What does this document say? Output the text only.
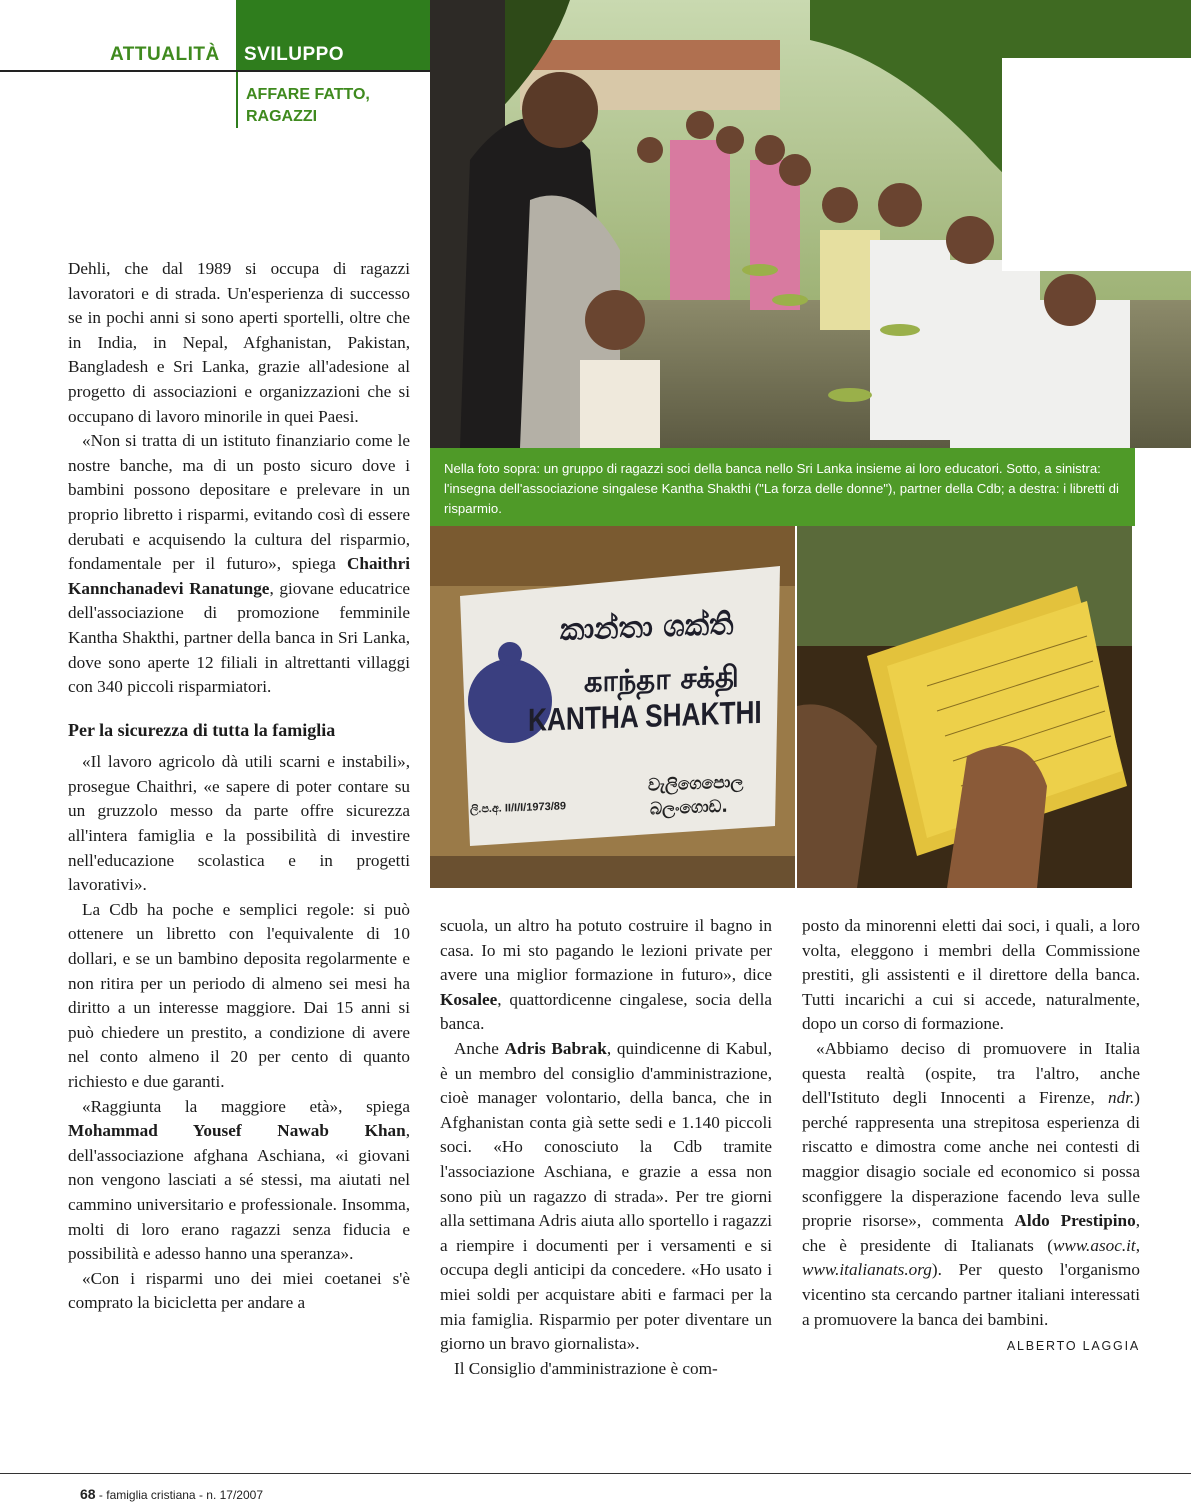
ATTUALITÀ SVILUPPO
AFFARE FATTO,
RAGAZZI
Nella foto sopra: un gruppo di ragazzi soci della banca nello Sri Lanka insieme ai loro educatori. Sotto, a sinistra: l'insegna dell'associazione singalese Kantha Shakthi ("La forza delle donne"), partner della Cdb; a destra: i libretti di risparmio.
කාන්තා ශක්ති
காந்தா சக்தி
KANTHA SHAKTHI
වැලිගෙපොල
බලංගොඩ.
ලි.ප.අ. II/I/I/1973/89

Dehli, che dal 1989 si occupa di ragazzi lavoratori e di strada. Un'esperienza di successo se in pochi anni si sono aperti sportelli, oltre che in India, in Nepal, Afghanistan, Pakistan, Bangladesh e Sri Lanka, grazie all'adesione al progetto di associazioni e organizzazioni che si occupano di lavoro minorile in quei Paesi.

«Non si tratta di un istituto finanziario come le nostre banche, ma di un posto sicuro dove i bambini possono depositare e prelevare in un proprio libretto i risparmi, evitando così di essere derubati e acquisendo la cultura del risparmio, fondamentale per il futuro», spiega Chaithri Kannchanadevi Ranatunge, giovane educatrice dell'associazione di promozione femminile Kantha Shakthi, partner della banca in Sri Lanka, dove sono aperte 12 filiali in altrettanti villaggi con 340 piccoli risparmiatori.

Per la sicurezza di tutta la famiglia

«Il lavoro agricolo dà utili scarni e instabili», prosegue Chaithri, «e sapere di poter contare su un gruzzolo messo da parte offre sicurezza all'intera famiglia e la possibilità di investire nell'educazione scolastica e in progetti lavorativi».

La Cdb ha poche e semplici regole: si può ottenere un libretto con l'equivalente di 10 dollari, e se un bambino deposita regolarmente e non ritira per un periodo di almeno sei mesi ha diritto a un interesse maggiore. Dai 15 anni si può chiedere un prestito, a condizione di avere nel conto almeno il 20 per cento di quanto richiesto e due garanti.

«Raggiunta la maggiore età», spiega Mohammad Yousef Nawab Khan, dell'associazione afghana Aschiana, «i giovani non vengono lasciati a sé stessi, ma aiutati nel cammino universitario e professionale. Insomma, molti di loro erano ragazzi senza fiducia e possibilità e adesso hanno una speranza».

«Con i risparmi uno dei miei coetanei s'è comprato la bicicletta per andare a

scuola, un altro ha potuto costruire il bagno in casa. Io mi sto pagando le lezioni private per avere una miglior formazione in futuro», dice Kosalee, quattordicenne cingalese, socia della banca.

Anche Adris Babrak, quindicenne di Kabul, è un membro del consiglio d'amministrazione, cioè manager volontario, della banca, che in Afghanistan conta già sette sedi e 1.140 piccoli soci. «Ho conosciuto la Cdb tramite l'associazione Aschiana, e grazie a essa non sono più un ragazzo di strada». Per tre giorni alla settimana Adris aiuta allo sportello i ragazzi a riempire i documenti per i versamenti e si occupa degli anticipi da concedere. «Ho usato i miei soldi per acquistare abiti e farmaci per la mia famiglia. Risparmio per poter diventare un giorno un bravo giornalista».

Il Consiglio d'amministrazione è com-

posto da minorenni eletti dai soci, i quali, a loro volta, eleggono i membri della Commissione prestiti, gli assistenti e il direttore della banca. Tutti incarichi a cui si accede, naturalmente, dopo un corso di formazione.

«Abbiamo deciso di promuovere in Italia questa realtà (ospite, tra l'altro, anche dell'Istituto degli Innocenti a Firenze, ndr.) perché rappresenta una strepitosa esperienza di riscatto e dimostra come anche nei contesti di maggior disagio sociale ed economico si possa sconfiggere la disperazione facendo leva sulle proprie risorse», commenta Aldo Prestipino, che è presidente di Italianats (www.asoc.it, www.italianats.org). Per questo l'organismo vicentino sta cercando partner italiani interessati a promuovere la banca dei bambini.

ALBERTO LAGGIA

68 - famiglia cristiana - n. 17/2007
